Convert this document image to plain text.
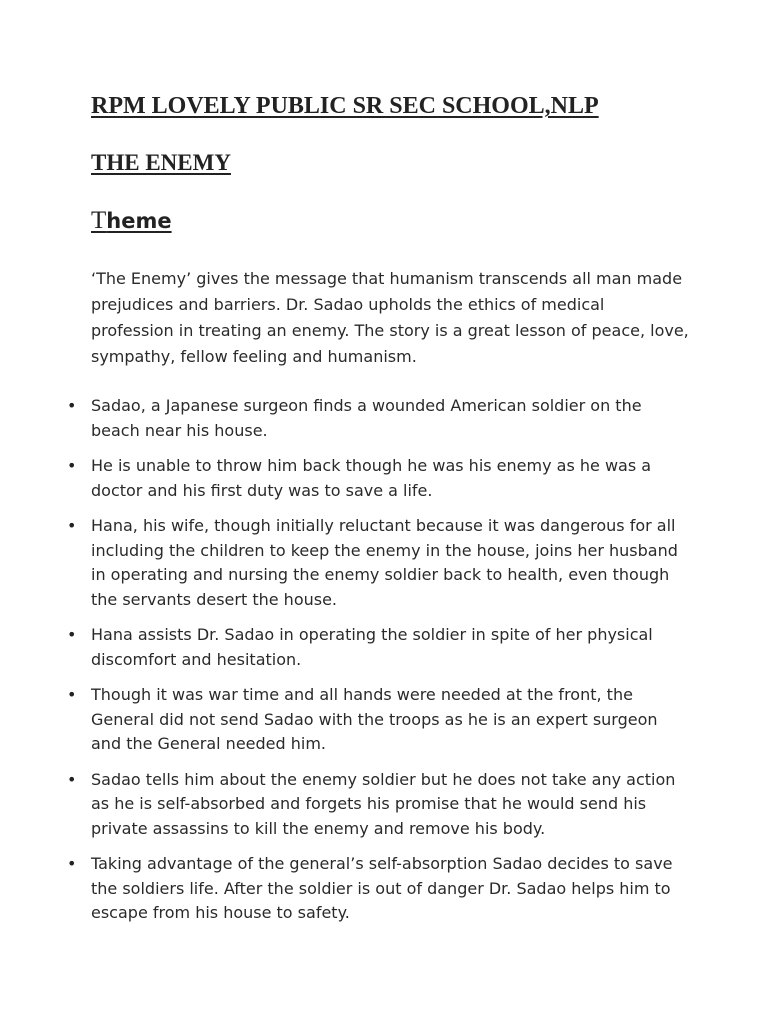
RPM LOVELY PUBLIC SR SEC SCHOOL,NLP
THE ENEMY
Theme

‘The Enemy’ gives the message that humanism transcends all man made prejudices and barriers. Dr. Sadao upholds the ethics of medical profession in treating an enemy. The story is a great lesson of peace, love, sympathy, fellow feeling and humanism.

• Sadao, a Japanese surgeon finds a wounded American soldier on the beach near his house.
• He is unable to throw him back though he was his enemy as he was a doctor and his first duty was to save a life.
• Hana, his wife, though initially reluctant because it was dangerous for all including the children to keep the enemy in the house, joins her husband in operating and nursing the enemy soldier back to health, even though the servants desert the house.
• Hana assists Dr. Sadao in operating the soldier in spite of her physical discomfort and hesitation.
• Though it was war time and all hands were needed at the front, the General did not send Sadao with the troops as he is an expert surgeon and the General needed him.
• Sadao tells him about the enemy soldier but he does not take any action as he is self-absorbed and forgets his promise that he would send his private assassins to kill the enemy and remove his body.
• Taking advantage of the general’s self-absorption Sadao decides to save the soldiers life. After the soldier is out of danger Dr. Sadao helps him to escape from his house to safety.
